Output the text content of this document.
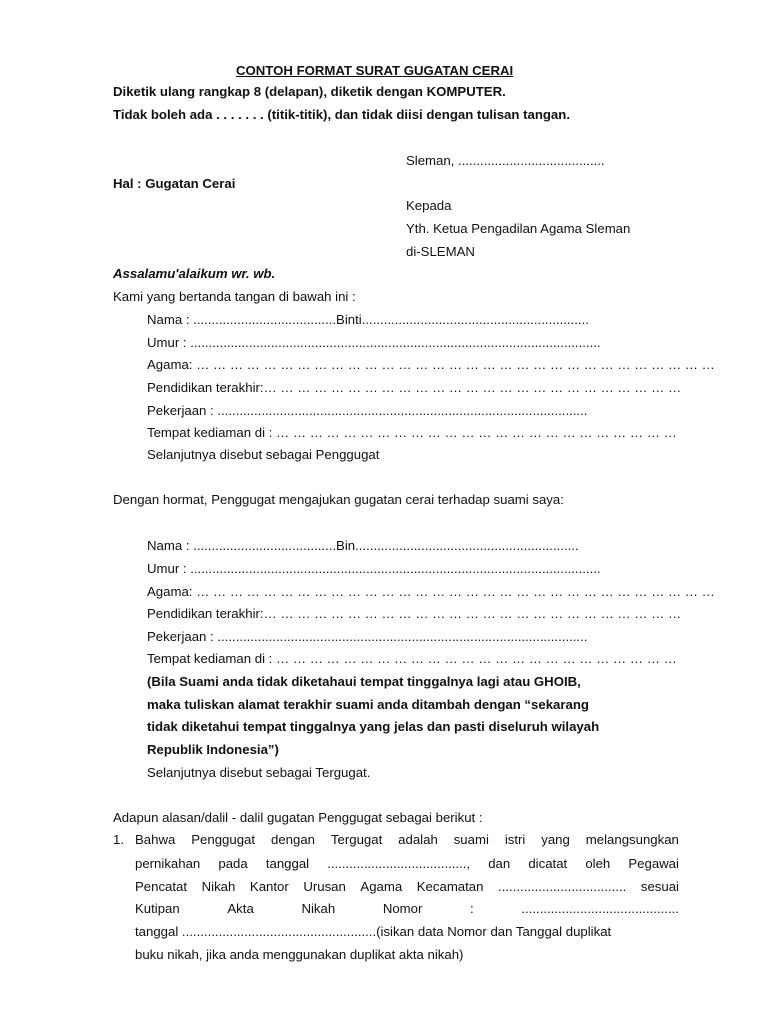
CONTOH FORMAT SURAT GUGATAN CERAI
Diketik ulang rangkap 8 (delapan), diketik dengan KOMPUTER.
Tidak boleh ada . . . . . . . (titik-titik), dan tidak diisi dengan tulisan tangan.
Sleman, ........................................
Hal : Gugatan Cerai
Kepada
Yth. Ketua Pengadilan Agama Sleman
di-SLEMAN
Assalamu'alaikum wr. wb.
Kami yang bertanda tangan di bawah ini :
Nama : .......................................Binti..............................................................
Umur : ................................................................................................................
Agama: … … … … … … … … … … … … … … … … … … … … … … … … … … … … … … …
Pendidikan terakhir:… … … … … … … … … … … … … … … … … … … … … … … … …
Pekerjaan : .....................................................................................................
Tempat kediaman di : … … … … … … … … … … … … … … … … … … … … … … … …
Selanjutnya disebut sebagai Penggugat
Dengan hormat, Penggugat mengajukan gugatan cerai terhadap suami saya:
Nama : .......................................Bin.............................................................
Umur : ................................................................................................................
Agama: … … … … … … … … … … … … … … … … … … … … … … … … … … … … … … …
Pendidikan terakhir:… … … … … … … … … … … … … … … … … … … … … … … … …
Pekerjaan : .....................................................................................................
Tempat kediaman di : … … … … … … … … … … … … … … … … … … … … … … … …
(Bila Suami anda tidak diketahaui tempat tinggalnya lagi atau GHOIB,
maka tuliskan alamat terakhir suami anda ditambah dengan “sekarang
tidak diketahui tempat tinggalnya yang jelas dan pasti diseluruh wilayah
Republik Indonesia”)
Selanjutnya disebut sebagai Tergugat.
Adapun alasan/dalil - dalil gugatan Penggugat sebagai berikut :
1. Bahwa Penggugat dengan Tergugat adalah suami istri yang melangsungkan
pernikahan pada tanggal ......................................, dan dicatat oleh Pegawai
Pencatat Nikah Kantor Urusan Agama Kecamatan ................................... sesuai
Kutipan	Akta	Nikah	Nomor	:	...........................................
tanggal .....................................................(isikan data Nomor dan Tanggal duplikat
buku nikah, jika anda menggunakan duplikat akta nikah)
